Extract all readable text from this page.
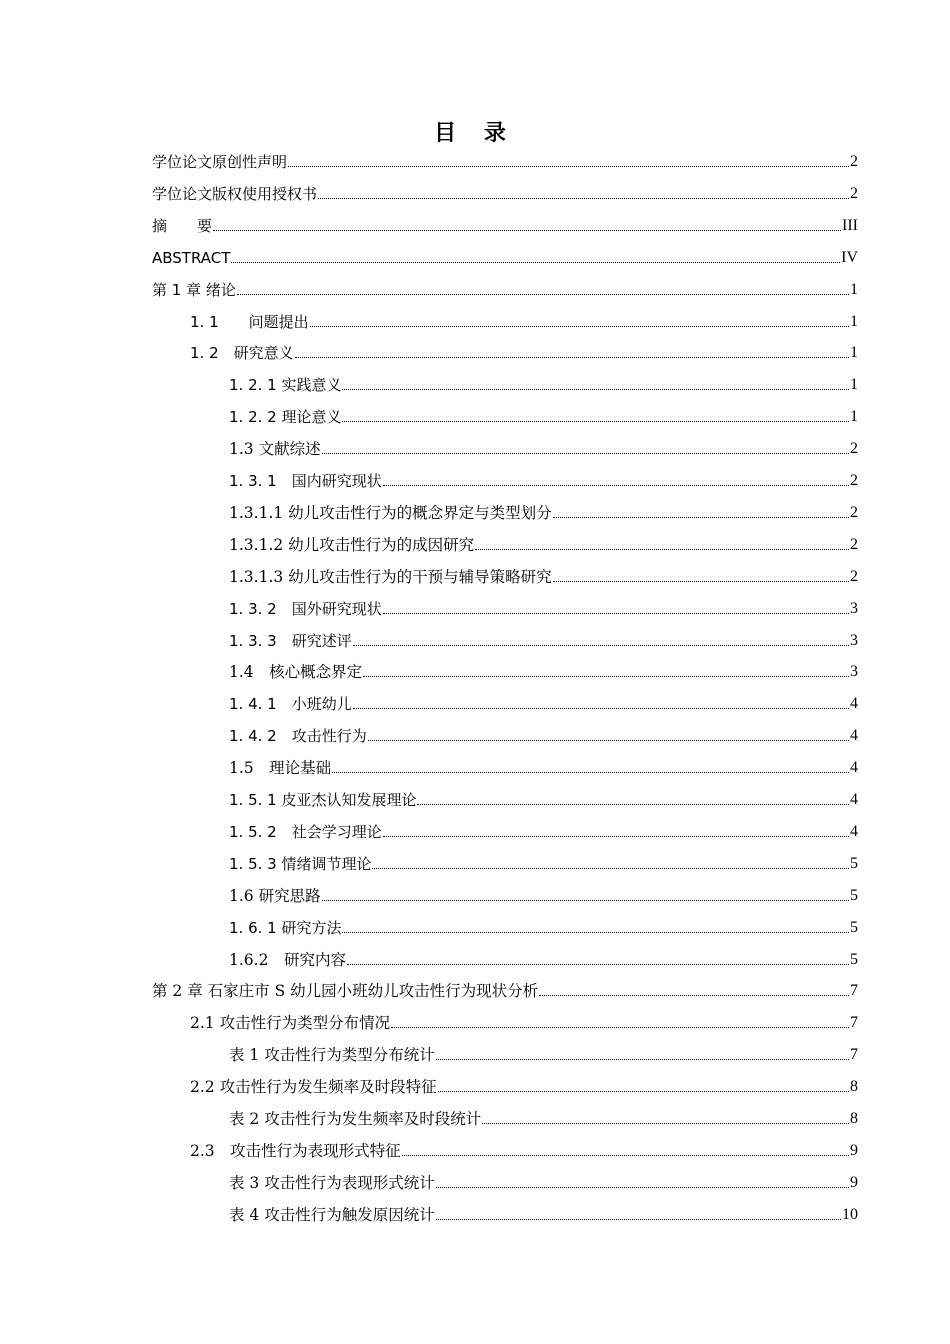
目 录
学位论文原创性声明	2
学位论文版权使用授权书	2
摘　　要	III
ABSTRACT	IV
第 1 章 绪论	1
1. 1　　问题提出	1
1. 2　研究意义	1
1. 2. 1 实践意义	1
1. 2. 2 理论意义	1
1.3 文献综述	2
1. 3. 1　国内研究现状	2
1.3.1.1 幼儿攻击性行为的概念界定与类型划分	2
1.3.1.2 幼儿攻击性行为的成因研究	2
1.3.1.3 幼儿攻击性行为的干预与辅导策略研究	2
1. 3. 2　国外研究现状	3
1. 3. 3　研究述评	3
1.4　核心概念界定	3
1. 4. 1　小班幼儿	4
1. 4. 2　攻击性行为	4
1.5　理论基础	4
1. 5. 1 皮亚杰认知发展理论	4
1. 5. 2　社会学习理论	4
1. 5. 3 情绪调节理论	5
1.6 研究思路	5
1. 6. 1 研究方法	5
1.6.2　研究内容	5
第 2 章 石家庄市 S 幼儿园小班幼儿攻击性行为现状分析	7
2.1 攻击性行为类型分布情况	7
表 1 攻击性行为类型分布统计	7
2.2 攻击性行为发生频率及时段特征	8
表 2 攻击性行为发生频率及时段统计	8
2.3　攻击性行为表现形式特征	9
表 3 攻击性行为表现形式统计	9
表 4 攻击性行为触发原因统计	10
